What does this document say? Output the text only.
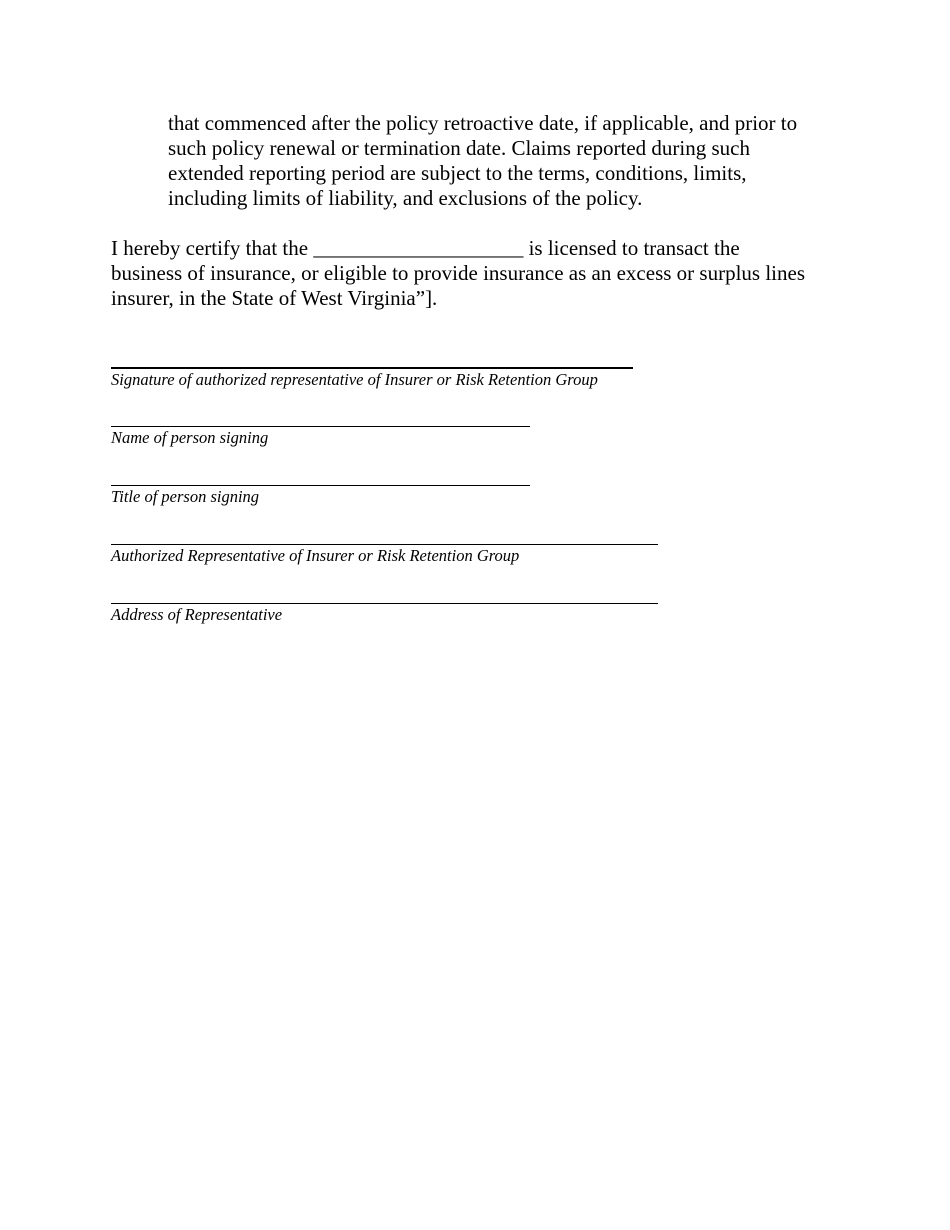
that commenced after the policy retroactive date, if applicable, and prior to
such policy renewal or termination date. Claims reported during such
extended reporting period are subject to the terms, conditions, limits,
including limits of liability, and exclusions of the policy.

I hereby certify that the ____________________ is licensed to transact the
business of insurance, or eligible to provide insurance as an excess or surplus lines
insurer, in the State of West Virginia”].

Signature of authorized representative of Insurer or Risk Retention Group
Name of person signing
Title of person signing
Authorized Representative of Insurer or Risk Retention Group
Address of Representative
